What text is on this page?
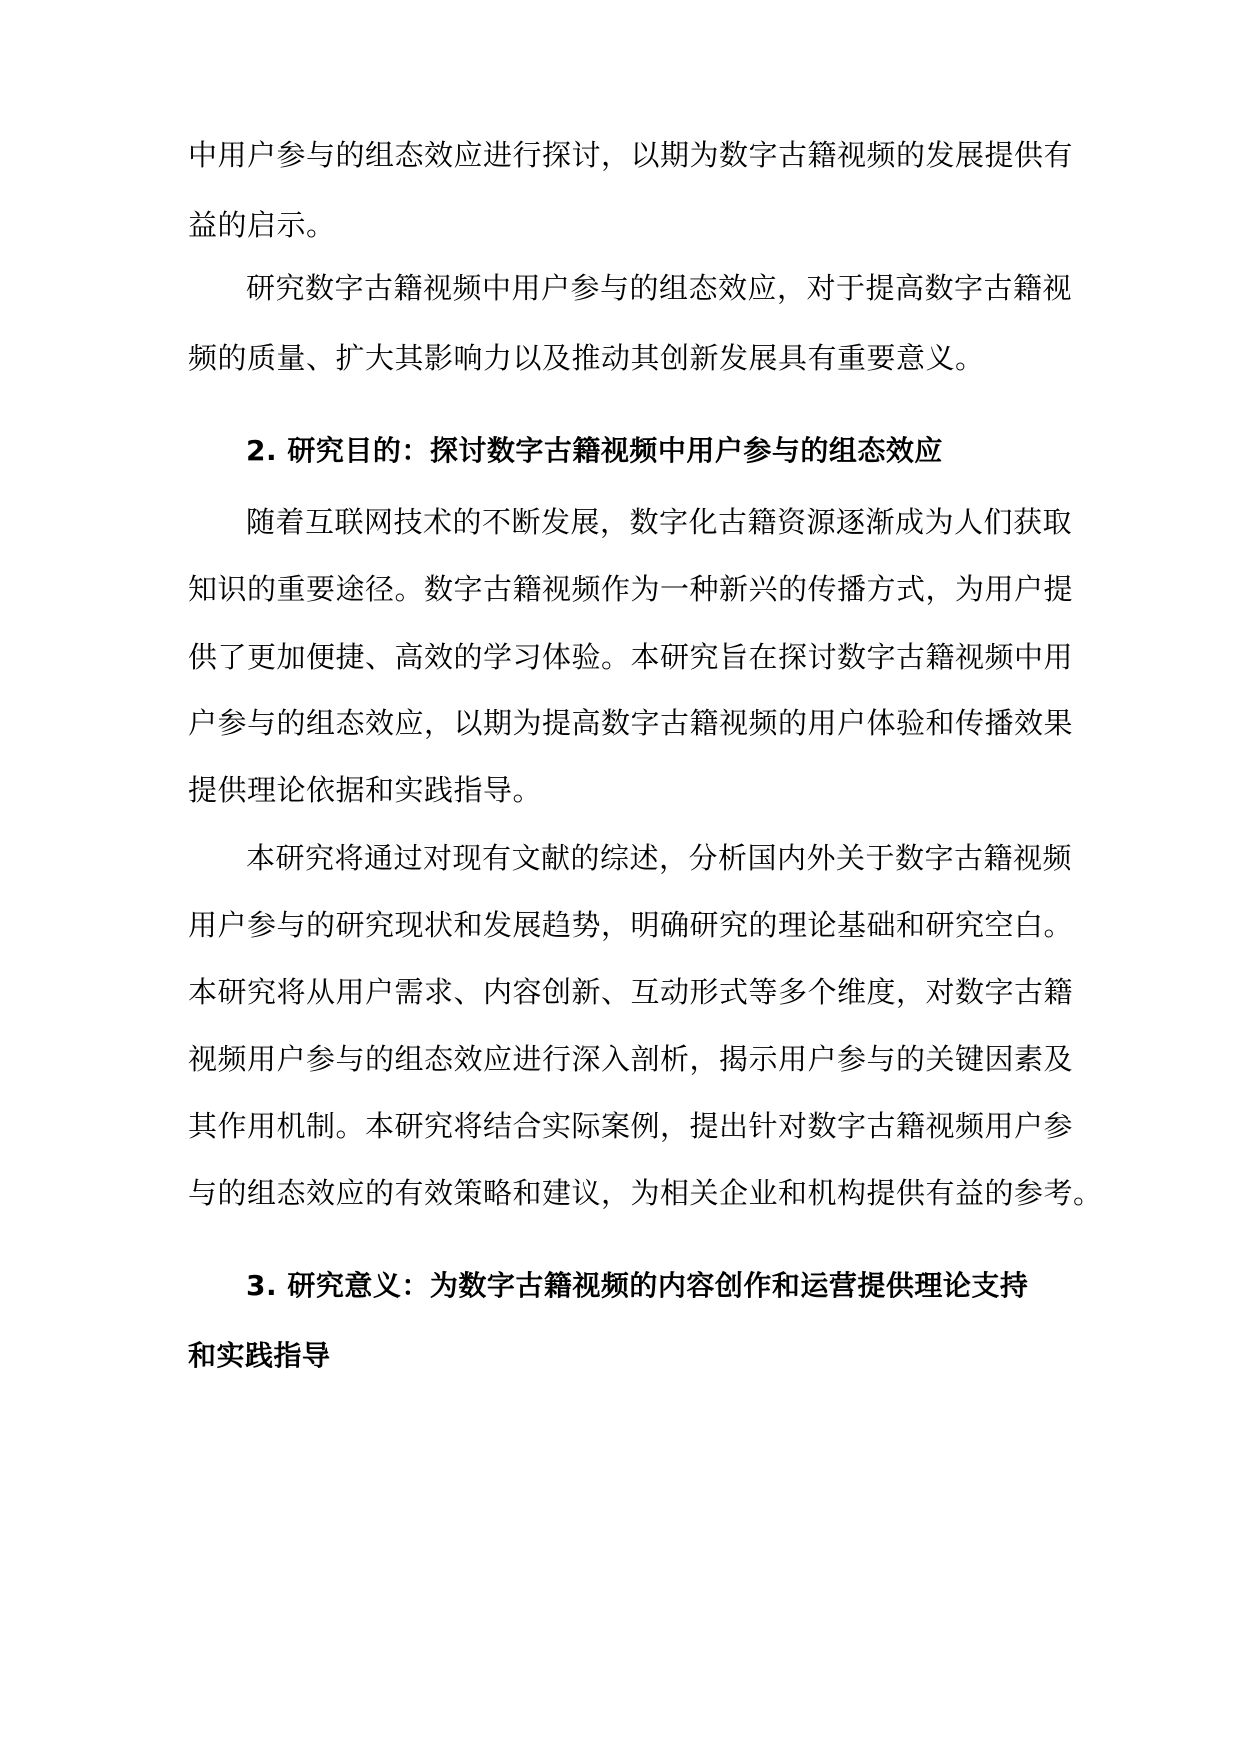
中用户参与的组态效应进行探讨，以期为数字古籍视频的发展提供有
益的启示。
研究数字古籍视频中用户参与的组态效应，对于提高数字古籍视
频的质量、扩大其影响力以及推动其创新发展具有重要意义。
2. 研究目的：探讨数字古籍视频中用户参与的组态效应
随着互联网技术的不断发展，数字化古籍资源逐渐成为人们获取
知识的重要途径。数字古籍视频作为一种新兴的传播方式，为用户提
供了更加便捷、高效的学习体验。本研究旨在探讨数字古籍视频中用
户参与的组态效应，以期为提高数字古籍视频的用户体验和传播效果
提供理论依据和实践指导。
本研究将通过对现有文献的综述，分析国内外关于数字古籍视频
用户参与的研究现状和发展趋势，明确研究的理论基础和研究空白。
本研究将从用户需求、内容创新、互动形式等多个维度，对数字古籍
视频用户参与的组态效应进行深入剖析，揭示用户参与的关键因素及
其作用机制。本研究将结合实际案例，提出针对数字古籍视频用户参
与的组态效应的有效策略和建议，为相关企业和机构提供有益的参考。
3. 研究意义：为数字古籍视频的内容创作和运营提供理论支持
和实践指导
